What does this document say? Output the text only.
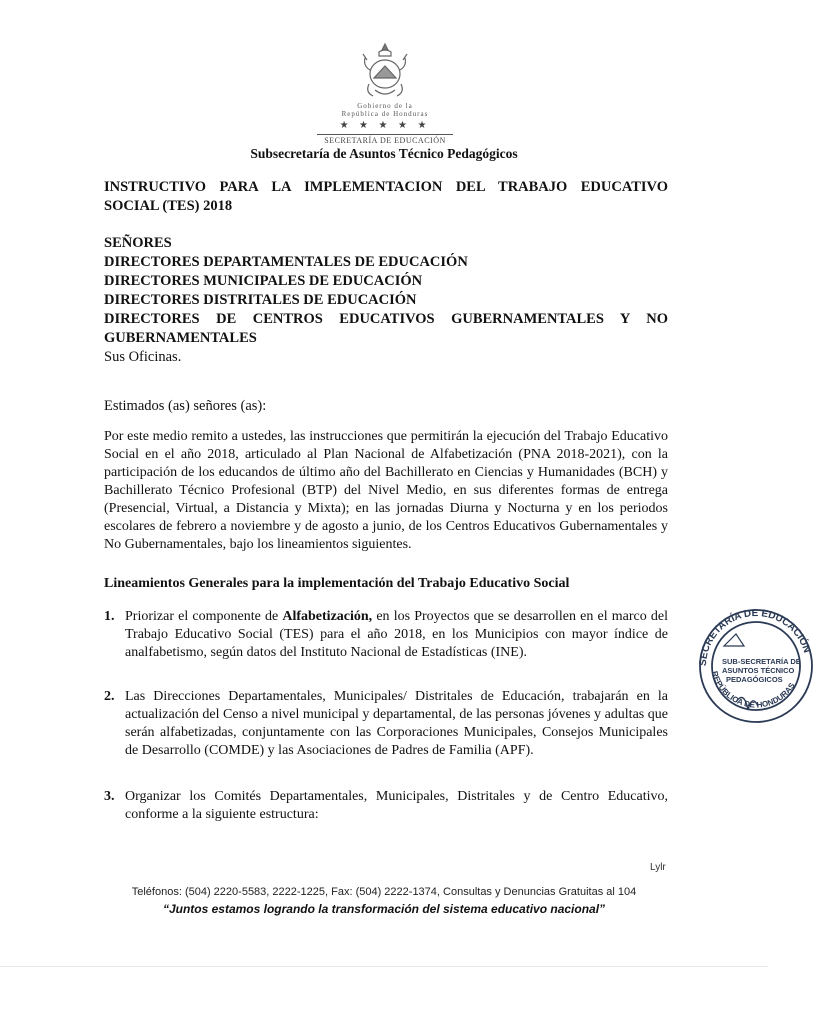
Gobierno de la
República de Honduras
★ ★ ★ ★ ★
SECRETARÍA DE EDUCACIÓN
Subsecretaría de Asuntos Técnico Pedagógicos
INSTRUCTIVO PARA LA IMPLEMENTACION DEL TRABAJO EDUCATIVO SOCIAL (TES) 2018
SEÑORES
DIRECTORES DEPARTAMENTALES DE EDUCACIÓN
DIRECTORES MUNICIPALES DE EDUCACIÓN
DIRECTORES DISTRITALES DE EDUCACIÓN
DIRECTORES DE CENTROS EDUCATIVOS GUBERNAMENTALES Y NO
GUBERNAMENTALES
Sus Oficinas.
Estimados (as) señores (as):

Por este medio remito a ustedes, las instrucciones que permitirán la ejecución del Trabajo Educativo Social en el año 2018, articulado al Plan Nacional de Alfabetización (PNA 2018-2021), con la participación de los educandos de último año del Bachillerato en Ciencias y Humanidades (BCH) y Bachillerato Técnico Profesional (BTP) del Nivel Medio, en sus diferentes formas de entrega (Presencial, Virtual, a Distancia y Mixta); en las jornadas Diurna y Nocturna y en los periodos escolares de febrero a noviembre y de agosto a junio, de los Centros Educativos Gubernamentales y No Gubernamentales, bajo los lineamientos siguientes.

Lineamientos Generales para la implementación del Trabajo Educativo Social
1. Priorizar el componente de Alfabetización, en los Proyectos que se desarrollen en el marco del Trabajo Educativo Social (TES) para el año 2018, en los Municipios con mayor índice de analfabetismo, según datos del Instituto Nacional de Estadísticas (INE).
2. Las Direcciones Departamentales, Municipales/ Distritales de Educación, trabajarán en la actualización del Censo a nivel municipal y departamental, de las personas jóvenes y adultas que serán alfabetizadas, conjuntamente con las Corporaciones Municipales, Consejos Municipales de Desarrollo (COMDE) y las Asociaciones de Padres de Familia (APF).
3. Organizar los Comités Departamentales, Municipales, Distritales y de Centro Educativo, conforme a la siguiente estructura:
SECRETARÍA DE EDUCACIÓN
REPÚBLICA DE HONDURAS
SUB-SECRETARÍA DE
ASUNTOS TÉCNICO
PEDAGÓGICOS
Lylr
Teléfonos: (504) 2220-5583, 2222-1225, Fax: (504) 2222-1374, Consultas y Denuncias Gratuitas al 104
“Juntos estamos logrando la transformación del sistema educativo nacional”
